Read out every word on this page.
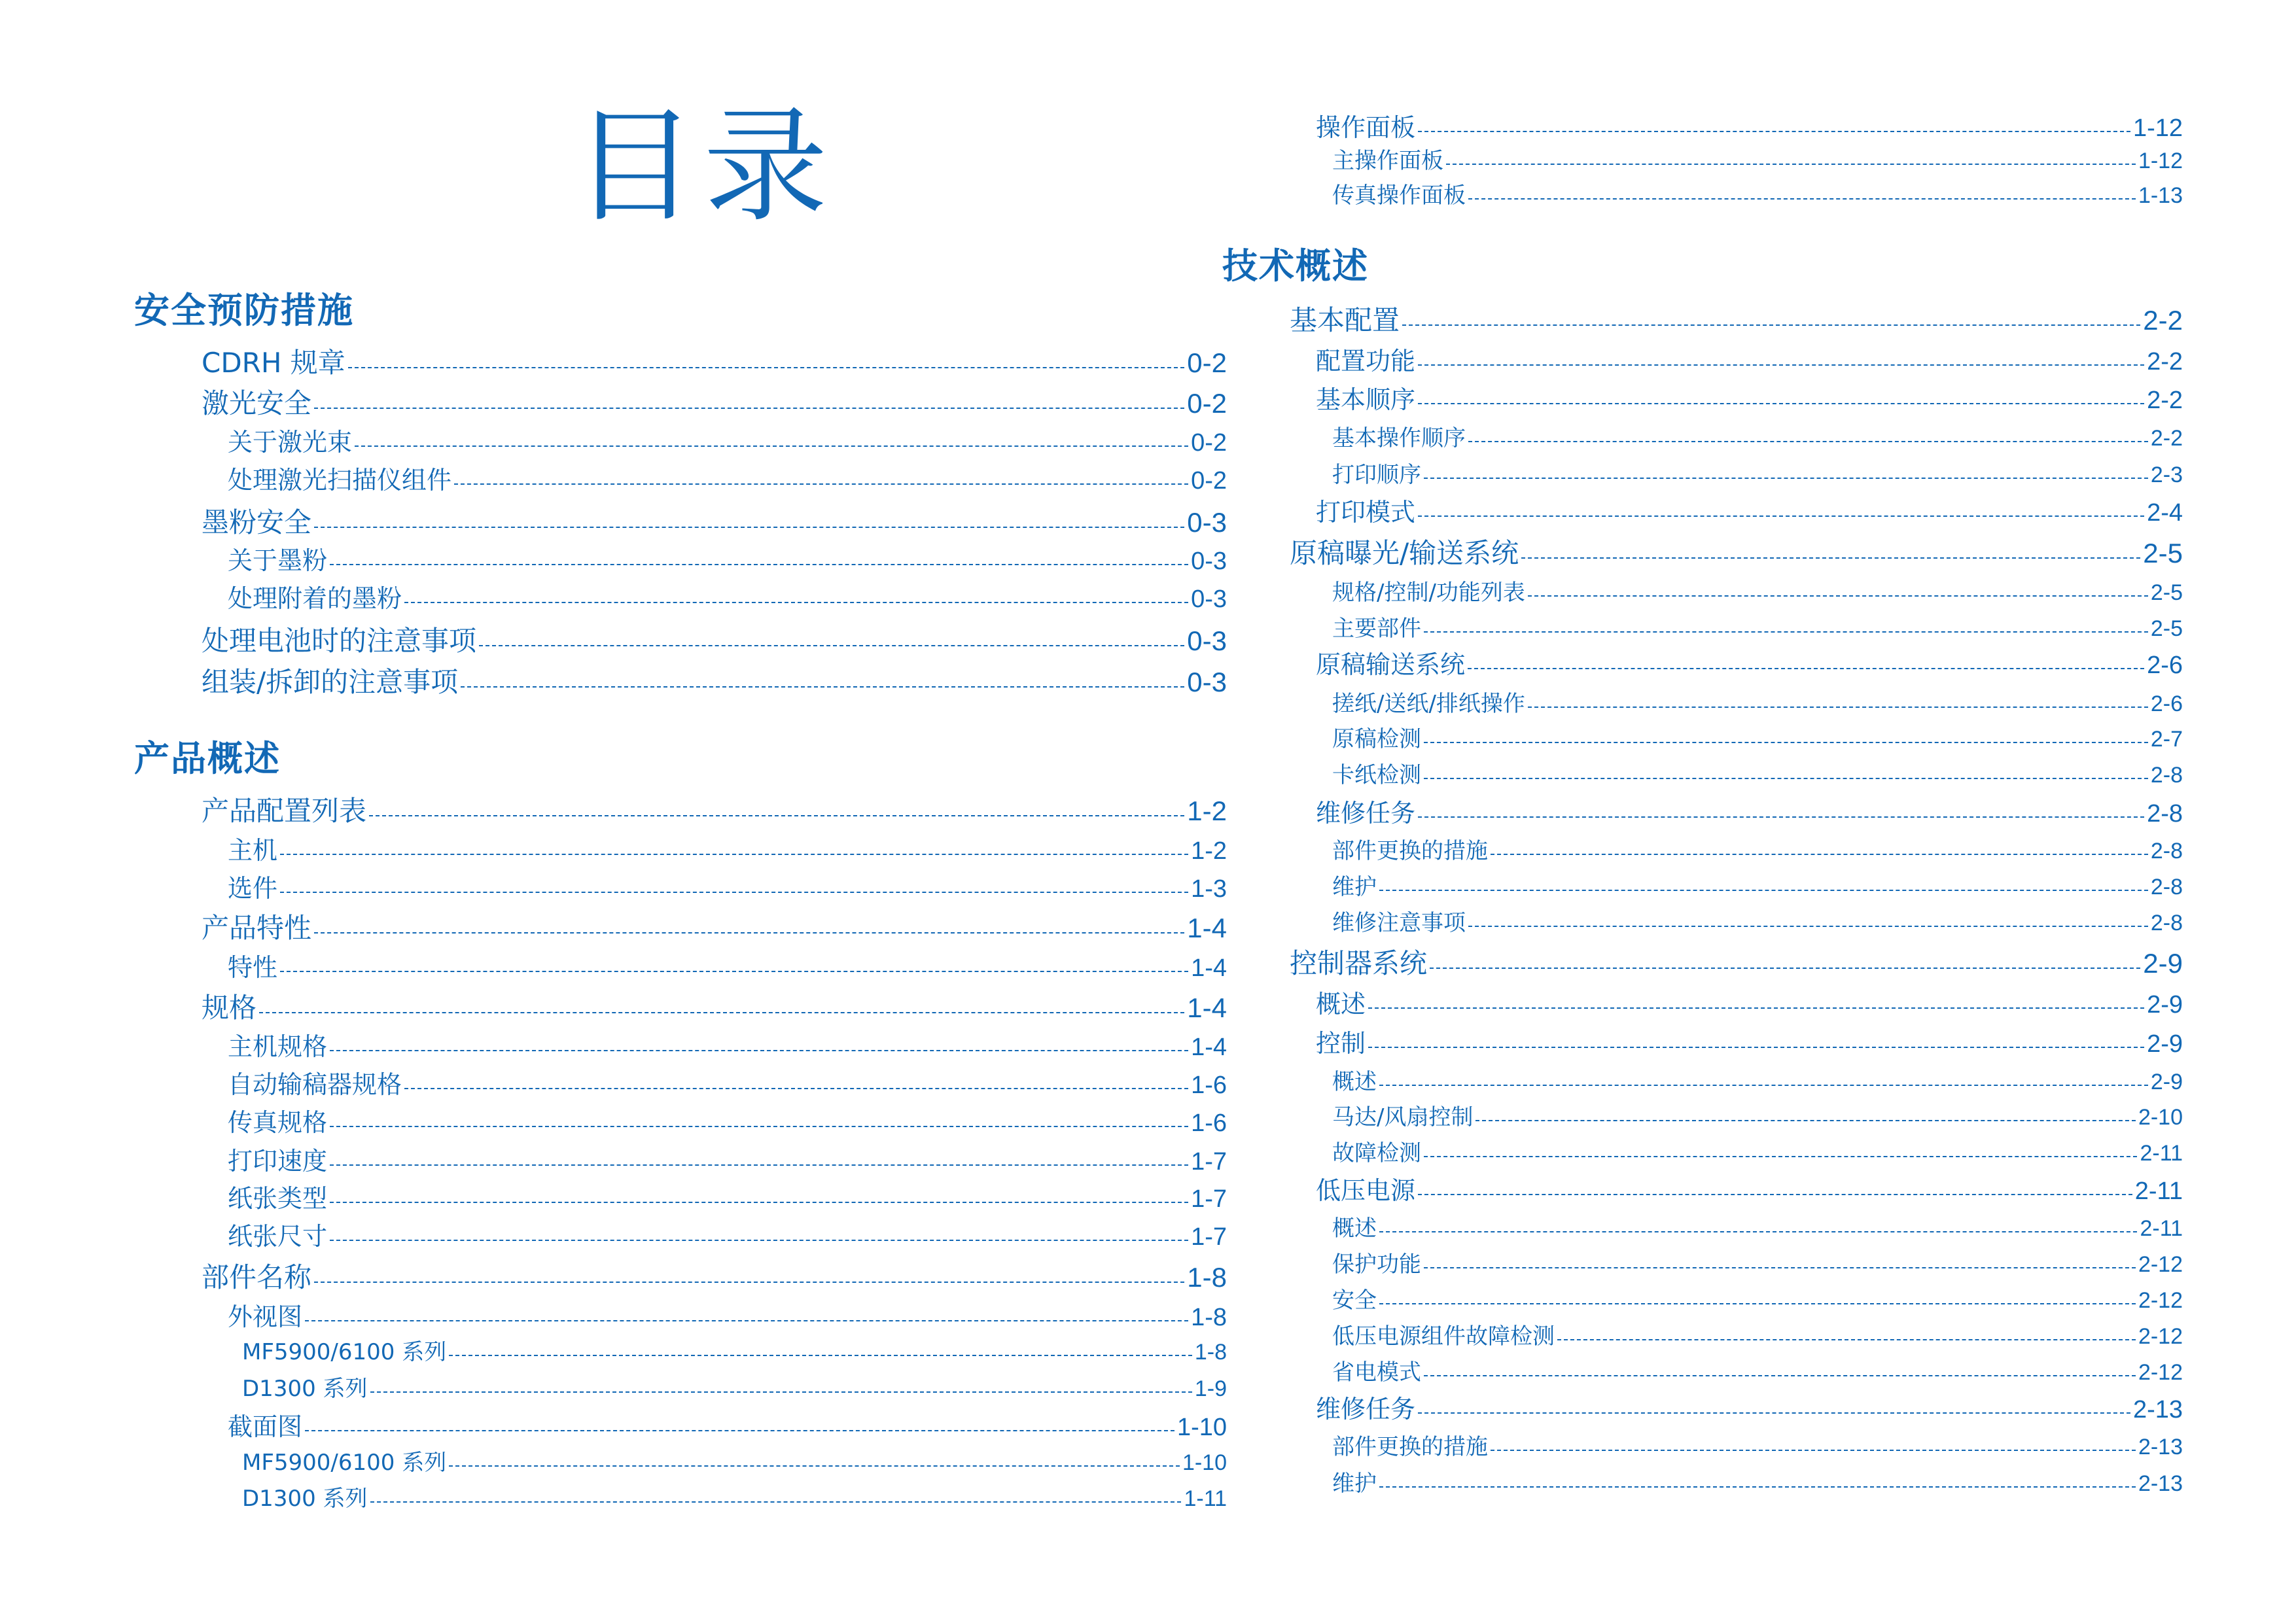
目录
安全预防措施
CDRH 规章	0-2
激光安全	0-2
关于激光束	0-2
处理激光扫描仪组件	0-2
墨粉安全	0-3
关于墨粉	0-3
处理附着的墨粉	0-3
处理电池时的注意事项	0-3
组装/拆卸的注意事项	0-3
产品概述
产品配置列表	1-2
主机	1-2
选件	1-3
产品特性	1-4
特性	1-4
规格	1-4
主机规格	1-4
自动输稿器规格	1-6
传真规格	1-6
打印速度	1-7
纸张类型	1-7
纸张尺寸	1-7
部件名称	1-8
外视图	1-8
MF5900/6100 系列	1-8
D1300 系列	1-9
截面图	1-10
MF5900/6100 系列	1-10
D1300 系列	1-11
操作面板	1-12
主操作面板	1-12
传真操作面板	1-13
技术概述
基本配置	2-2
配置功能	2-2
基本顺序	2-2
基本操作顺序	2-2
打印顺序	2-3
打印模式	2-4
原稿曝光/输送系统	2-5
规格/控制/功能列表	2-5
主要部件	2-5
原稿输送系统	2-6
搓纸/送纸/排纸操作	2-6
原稿检测	2-7
卡纸检测	2-8
维修任务	2-8
部件更换的措施	2-8
维护	2-8
维修注意事项	2-8
控制器系统	2-9
概述	2-9
控制	2-9
概述	2-9
马达/风扇控制	2-10
故障检测	2-11
低压电源	2-11
概述	2-11
保护功能	2-12
安全	2-12
低压电源组件故障检测	2-12
省电模式	2-12
维修任务	2-13
部件更换的措施	2-13
维护	2-13
